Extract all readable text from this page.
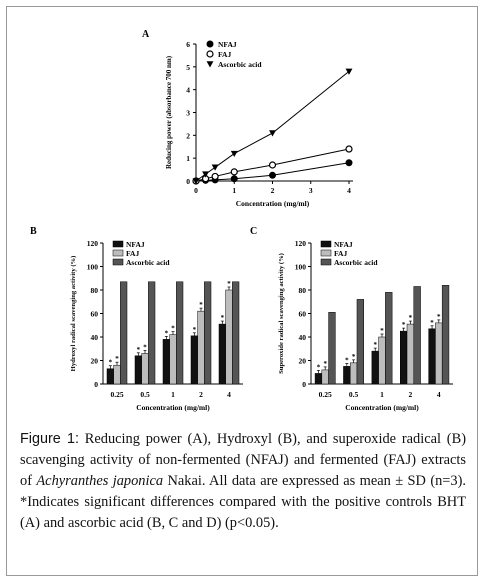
A
B	C
0
1
2
3
4
5
6
0	1	2	3	4
Concentration (mg/ml)
Reducing power (absorbance 700 nm)
NFAJ
FAJ
Ascorbic acid
0
20
40
60
80
100
120
0.25
* *
0.5
* *
1
*
*
2
*
*
4
*
*
Concentration (mg/ml)
Hydroxyl radical scavenging activity (%)
NFAJ
FAJ
Ascorbic acid
0
20
40
60
80
100
120
0.25
* *
0.5
* *
1
*
*
2
*
*
4
*
*
Concentration (mg/ml)
Superoxide radical scavenging activity (%)
NFAJ
FAJ
Ascorbic acid
Figure 1: Reducing power (A), Hydroxyl (B), and superoxide radical (B) scavenging activity of non-fermented (NFAJ) and fermented (FAJ) extracts of Achyranthes japonica Nakai. All data are expressed as mean ± SD (n=3). *Indicates significant differences compared with the positive controls BHT (A) and ascorbic acid (B, C and D) (p<0.05).
